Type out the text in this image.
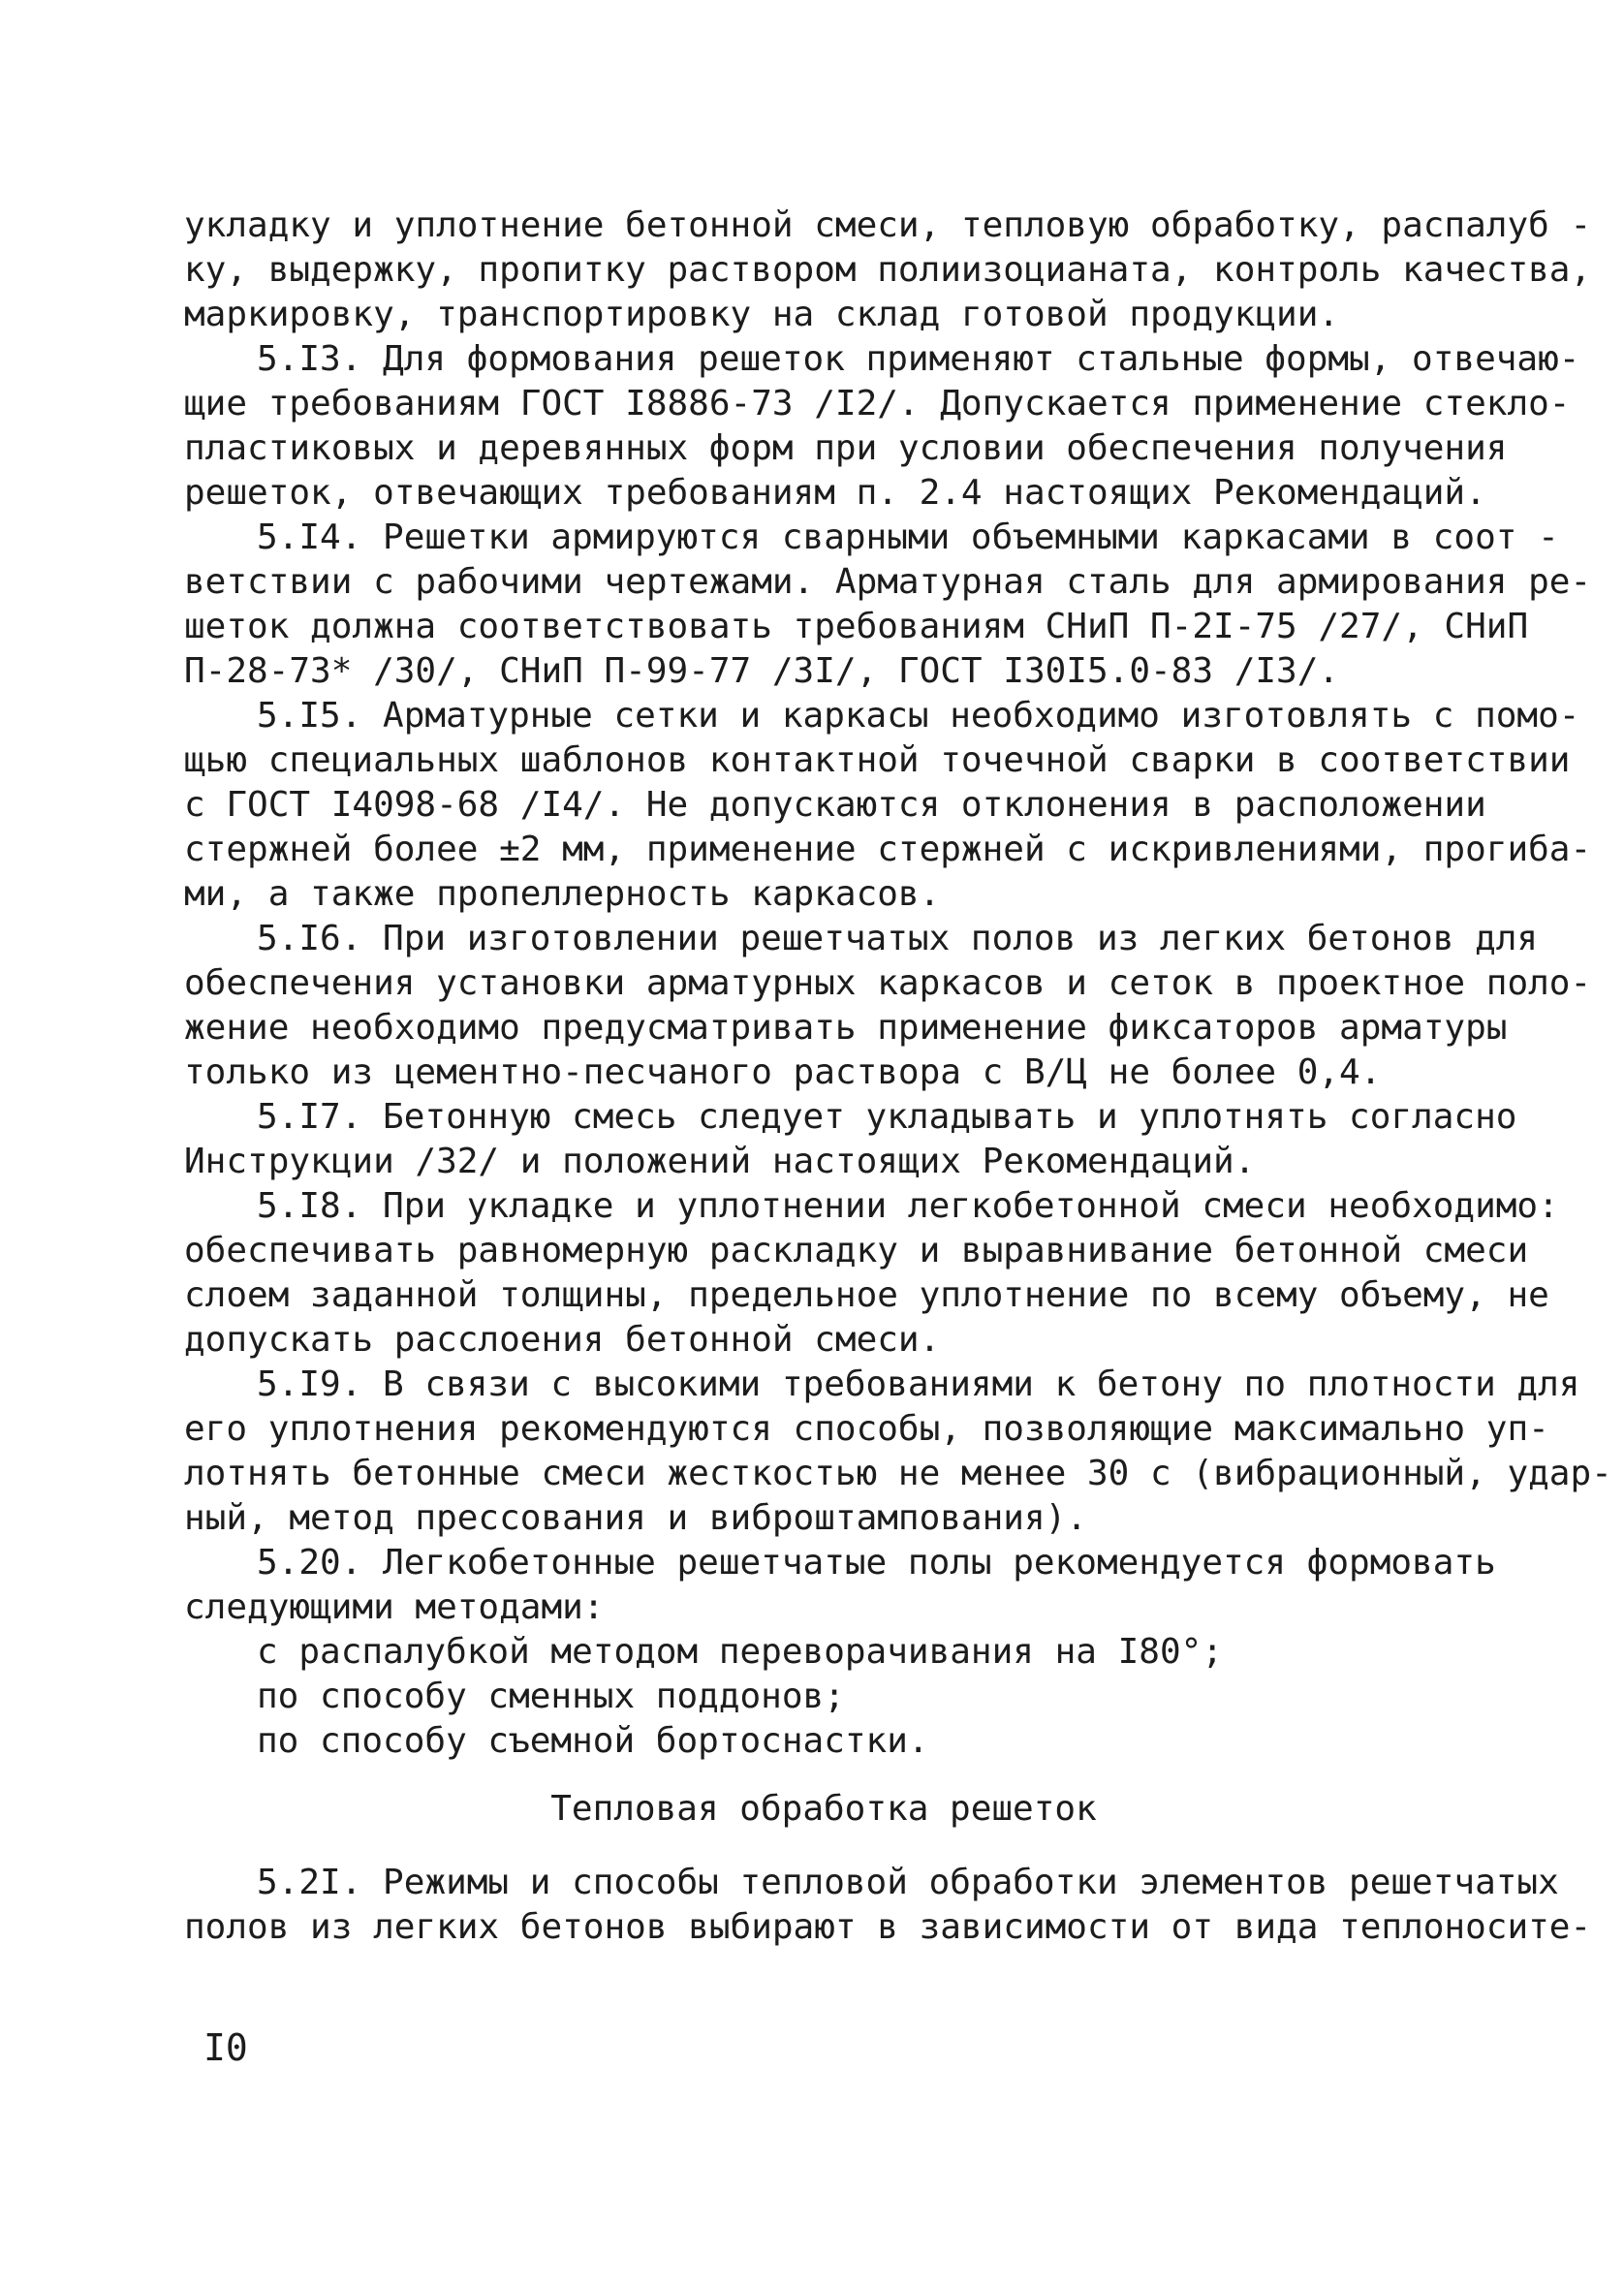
укладку и уплотнение бетонной смеси, тепловую обработку, распалуб -
ку, выдержку, пропитку раствором полиизоцианата, контроль качества,
маркировку, транспортировку на склад готовой продукции.
5.I3. Для формования решеток применяют стальные формы, отвечаю-
щие требованиям ГОСТ I8886-73 /I2/. Допускается применение стекло-
пластиковых и деревянных форм при условии обеспечения получения
решеток, отвечающих требованиям п. 2.4 настоящих Рекомендаций.
5.I4. Решетки армируются сварными объемными каркасами в соот -
ветствии с рабочими чертежами. Арматурная сталь для армирования ре-
шеток должна соответствовать требованиям СНиП П-2I-75 /27/, СНиП
П-28-73* /30/, СНиП П-99-77 /3I/, ГОСТ I30I5.0-83 /I3/.
5.I5. Арматурные сетки и каркасы необходимо изготовлять с помо-
щью специальных шаблонов контактной точечной сварки в соответствии
с ГОСТ I4098-68 /I4/. Не допускаются отклонения в расположении
стержней более ±2 мм, применение стержней с искривлениями, прогиба-
ми, а также пропеллерность каркасов.
5.I6. При изготовлении решетчатых полов из легких бетонов для
обеспечения установки арматурных каркасов и сеток в проектное поло-
жение необходимо предусматривать применение фиксаторов арматуры
только из цементно-песчаного раствора с В/Ц не более 0,4.
5.I7. Бетонную смесь следует укладывать и уплотнять согласно
Инструкции /32/ и положений настоящих Рекомендаций.
5.I8. При укладке и уплотнении легкобетонной смеси необходимо:
обеспечивать равномерную раскладку и выравнивание бетонной смеси
слоем заданной толщины, предельное уплотнение по всему объему, не
допускать расслоения бетонной смеси.
5.I9. В связи с высокими требованиями к бетону по плотности для
его уплотнения рекомендуются способы, позволяющие максимально уп-
лотнять бетонные смеси жесткостью не менее 30 с (вибрационный, удар-
ный, метод прессования и виброштампования).
5.20. Легкобетонные решетчатые полы рекомендуется формовать
следующими методами:
с распалубкой методом переворачивания на I80°;
по способу сменных поддонов;
по способу съемной бортоснастки.
Тепловая обработка решеток
5.2I. Режимы и способы тепловой обработки элементов решетчатых
полов из легких бетонов выбирают в зависимости от вида теплоносите-
I0
